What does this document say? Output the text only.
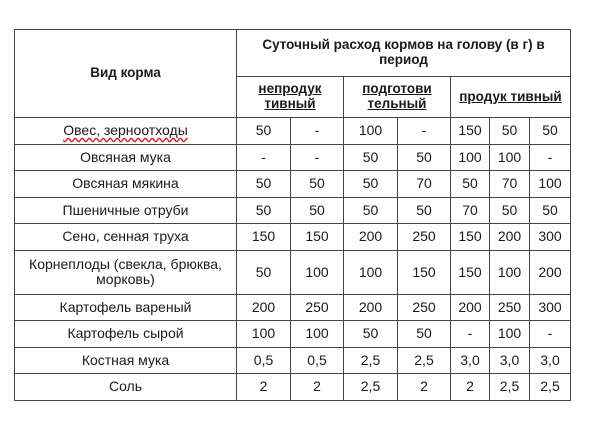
Вид корма	Суточный расход кормов на голову (в г) в период						
	непродук тивный		подготови тельный		продук тивный		
Овес, зерноотходы	50	-	100	-	150	50	50
Овсяная мука	-	-	50	50	100	100	-
Овсяная мякина	50	50	50	70	50	70	100
Пшеничные отруби	50	50	50	50	70	50	50
Сено, сенная труха	150	150	200	250	150	200	300
Корнеплоды (свекла, брюква, морковь)	50	100	100	150	150	100	200
Картофель вареный	200	250	200	250	200	250	300
Картофель сырой	100	100	50	50	-	100	-
Костная мука	0,5	0,5	2,5	2,5	3,0	3,0	3,0
Соль	2	2	2,5	2	2	2,5	2,5
